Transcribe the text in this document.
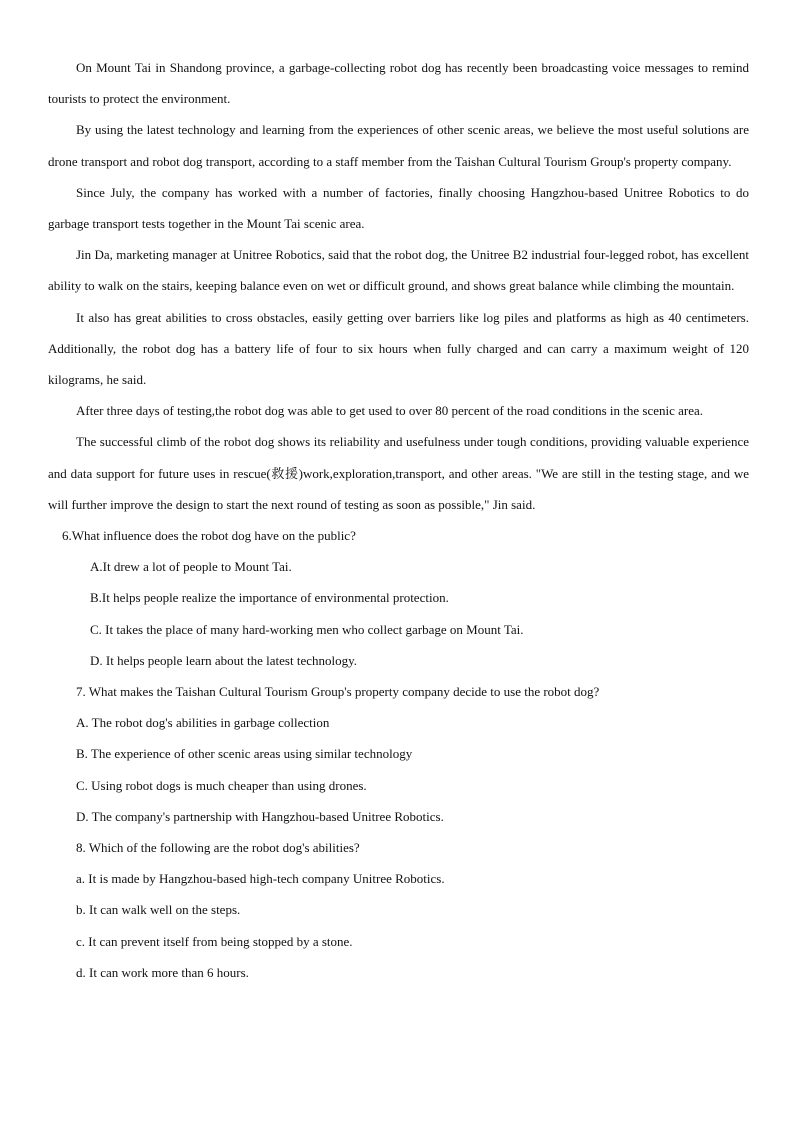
On Mount Tai in Shandong province, a garbage-collecting robot dog has recently been broadcasting voice messages to remind tourists to protect the environment.

By using the latest technology and learning from the experiences of other scenic areas, we believe the most useful solutions are drone transport and robot dog transport, according to a staff member from the Taishan Cultural Tourism Group's property company.

Since July, the company has worked with a number of factories, finally choosing Hangzhou-based Unitree Robotics to do garbage transport tests together in the Mount Tai scenic area.

Jin Da, marketing manager at Unitree Robotics, said that the robot dog, the Unitree B2 industrial four-legged robot, has excellent ability to walk on the stairs, keeping balance even on wet or difficult ground, and shows great balance while climbing the mountain.

It also has great abilities to cross obstacles, easily getting over barriers like log piles and platforms as high as 40 centimeters. Additionally, the robot dog has a battery life of four to six hours when fully charged and can carry a maximum weight of 120 kilograms, he said.

After three days of testing,the robot dog was able to get used to over 80 percent of the road conditions in the scenic area.

The successful climb of the robot dog shows its reliability and usefulness under tough conditions, providing valuable experience and data support for future uses in rescue(救援)work,exploration,transport, and other areas. "We are still in the testing stage, and we will further improve the design to start the next round of testing as soon as possible," Jin said.

6.What influence does the robot dog have on the public?

A.It drew a lot of people to Mount Tai.

B.It helps people realize the importance of environmental protection.

C. It takes the place of many hard-working men who collect garbage on Mount Tai.

D. It helps people learn about the latest technology.

7. What makes the Taishan Cultural Tourism Group's property company decide to use the robot dog?

A. The robot dog's abilities in garbage collection

B. The experience of other scenic areas using similar technology

C. Using robot dogs is much cheaper than using drones.

D. The company's partnership with Hangzhou-based Unitree Robotics.

8. Which of the following are the robot dog's abilities?

a. It is made by Hangzhou-based high-tech company Unitree Robotics.

b. It can walk well on the steps.

c. It can prevent itself from being stopped by a stone.

d. It can work more than 6 hours.
